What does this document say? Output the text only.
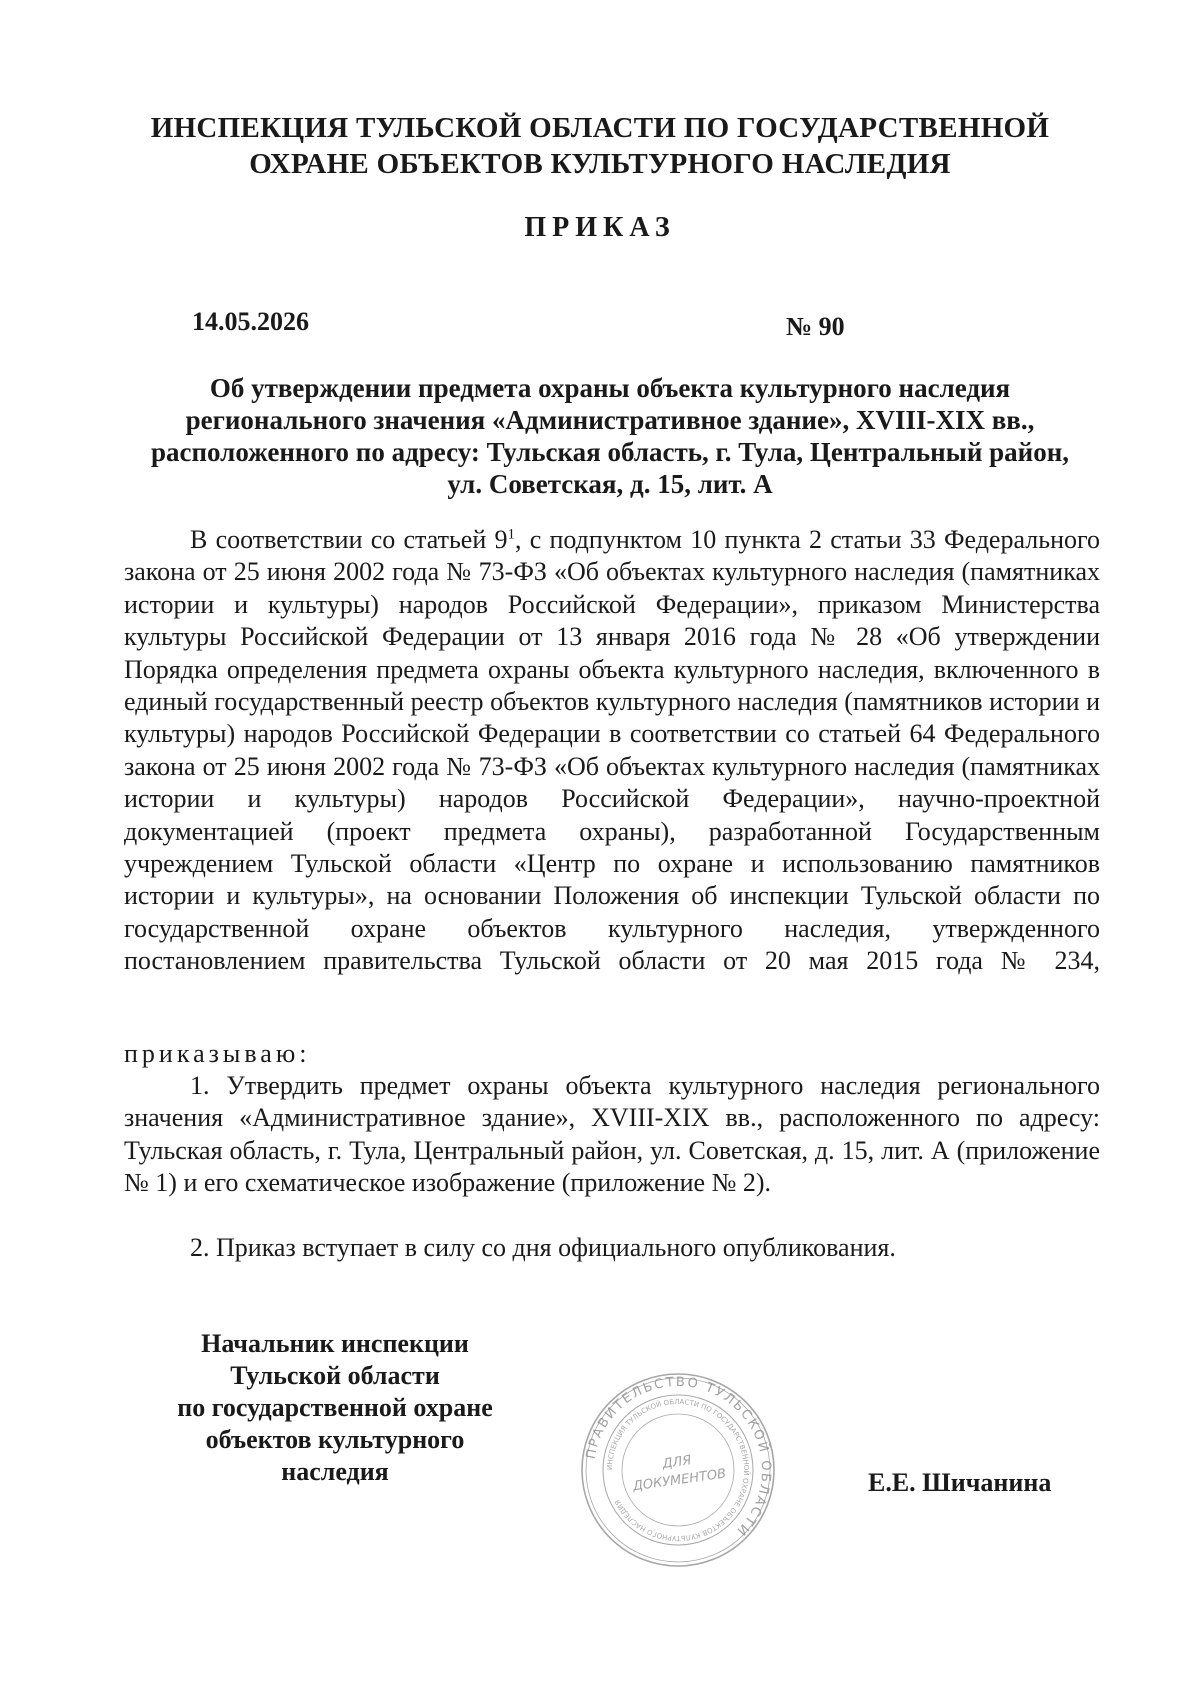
ИНСПЕКЦИЯ ТУЛЬСКОЙ ОБЛАСТИ ПО ГОСУДАРСТВЕННОЙ
ОХРАНЕ ОБЪЕКТОВ КУЛЬТУРНОГО НАСЛЕДИЯ
ПРИКАЗ
14.05.2026	№ 90
Об утверждении предмета охраны объекта культурного наследия
регионального значения «Административное здание», XVIII-XIX вв.,
расположенного по адресу: Тульская область, г. Тула, Центральный район,
ул. Советская, д. 15, лит. А
В соответствии со статьей $9^1$, с подпунктом 10 пункта 2 статьи 33 Федерального закона от 25 июня 2002 года № 73-ФЗ «Об объектах культурного наследия (памятниках истории и культуры) народов Российской Федерации», приказом Министерства культуры Российской Федерации от 13 января 2016 года № 28 «Об утверждении Порядка определения предмета охраны объекта культурного наследия, включенного в единый государственный реестр объектов культурного наследия (памятников истории и культуры) народов Российской Федерации в соответствии со статьей 64 Федерального закона от 25 июня 2002 года № 73-ФЗ «Об объектах культурного наследия (памятниках истории и культуры) народов Российской Федерации», научно-проектной документацией (проект предмета охраны), разработанной Государственным учреждением Тульской области «Центр по охране и использованию памятников истории и культуры», на основании Положения об инспекции Тульской области по государственной охране объектов культурного наследия, утвержденного постановлением правительства Тульской области от 20 мая 2015 года № 234,
приказываю:
1. Утвердить предмет охраны объекта культурного наследия регионального значения «Административное здание», XVIII-XIX вв., расположенного по адресу: Тульская область, г. Тула, Центральный район, ул. Советская, д. 15, лит. А (приложение № 1) и его схематическое изображение (приложение № 2).
2. Приказ вступает в силу со дня официального опубликования.
Начальник инспекции
Тульской области
по государственной охране
объектов культурного
наследия	Е.Е. Шичанина
ПРАВИТЕЛЬСТВО ТУЛЬСКОЙ ОБЛАСТИ
ИНСПЕКЦИЯ ТУЛЬСКОЙ ОБЛАСТИ ПО ГОСУДАРСТВЕННОЙ ОХРАНЕ ОБЪЕКТОВ КУЛЬТУРНОГО НАСЛЕДИЯ
ДЛЯ
ДОКУМЕНТОВ
